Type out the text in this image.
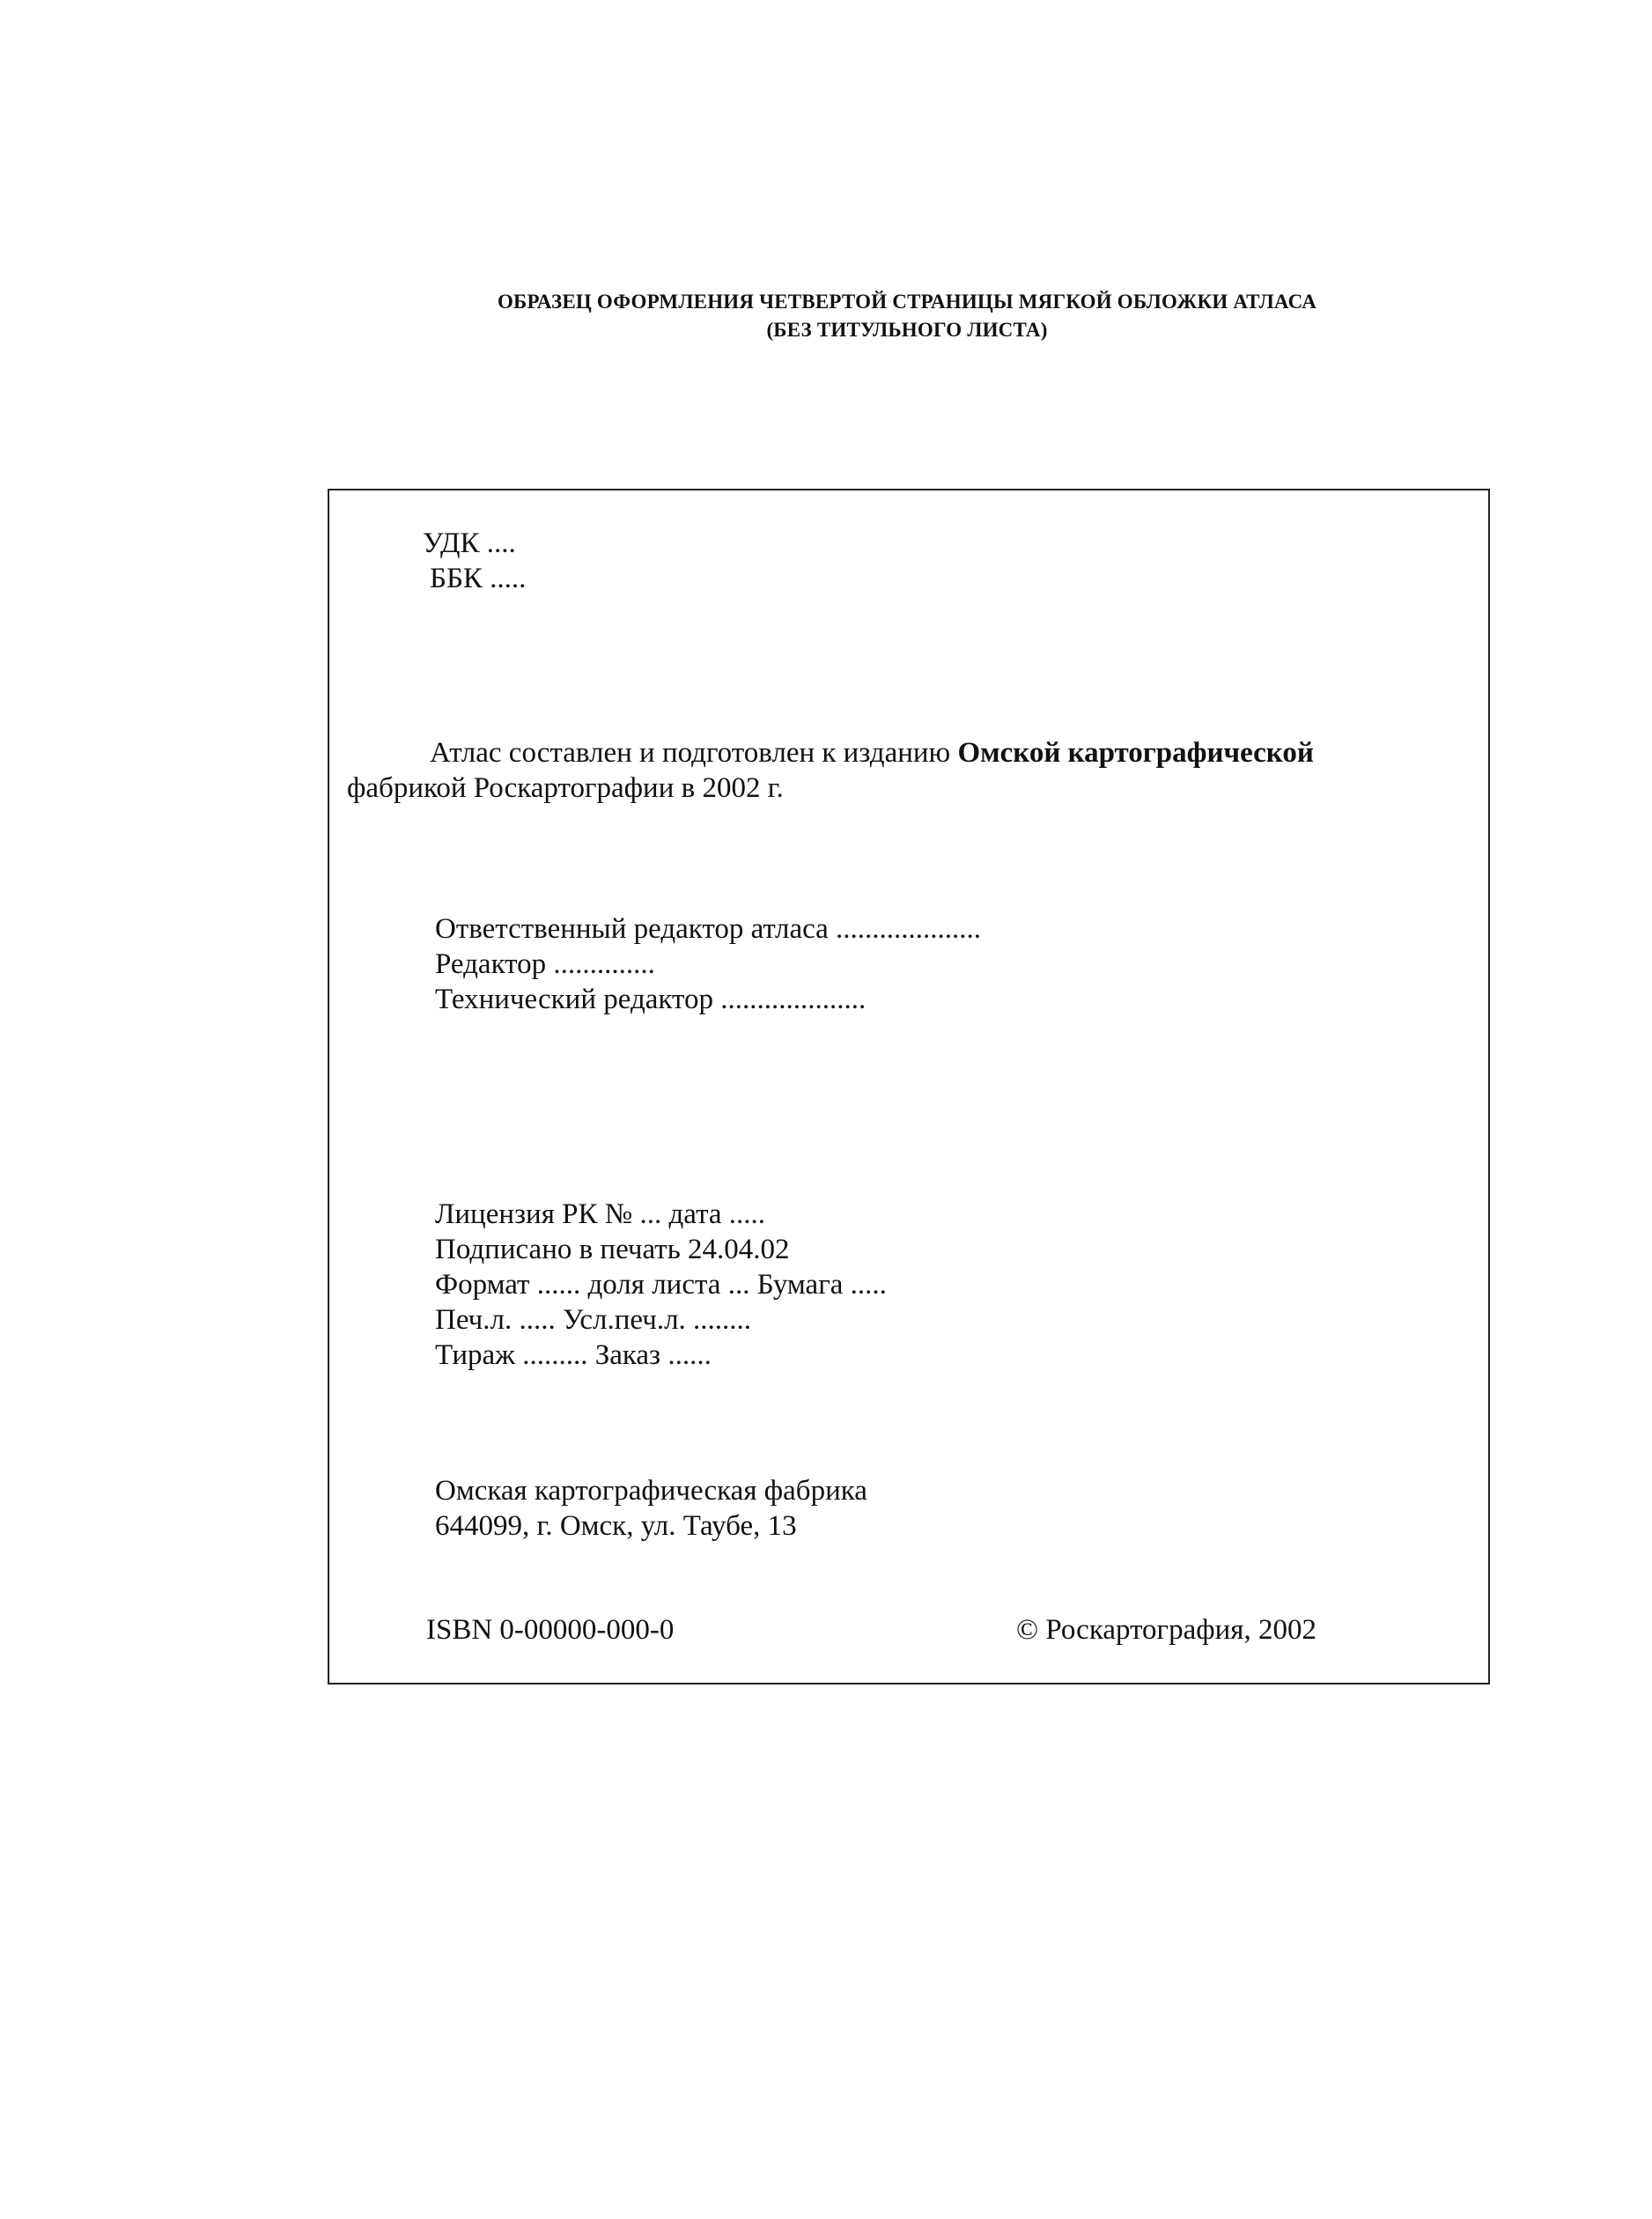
ОБРАЗЕЦ ОФОРМЛЕНИЯ ЧЕТВЕРТОЙ СТРАНИЦЫ МЯГКОЙ ОБЛОЖКИ АТЛАСА
(БЕЗ ТИТУЛЬНОГО ЛИСТА)
УДК ....
ББК .....
Атлас составлен и подготовлен к изданию Омской картографической
фабрикой Роскартографии в 2002 г.
Ответственный редактор атласа ....................
Редактор ..............
Технический редактор ....................
Лицензия РК № ... дата .....
Подписано в печать 24.04.02
Формат ...... доля листа ... Бумага .....
Печ.л. ..... Усл.печ.л. ........
Тираж ......... Заказ ......
Омская картографическая фабрика
644099, г. Омск, ул. Таубе, 13
ISBN 0-00000-000-0	© Роскартография, 2002
